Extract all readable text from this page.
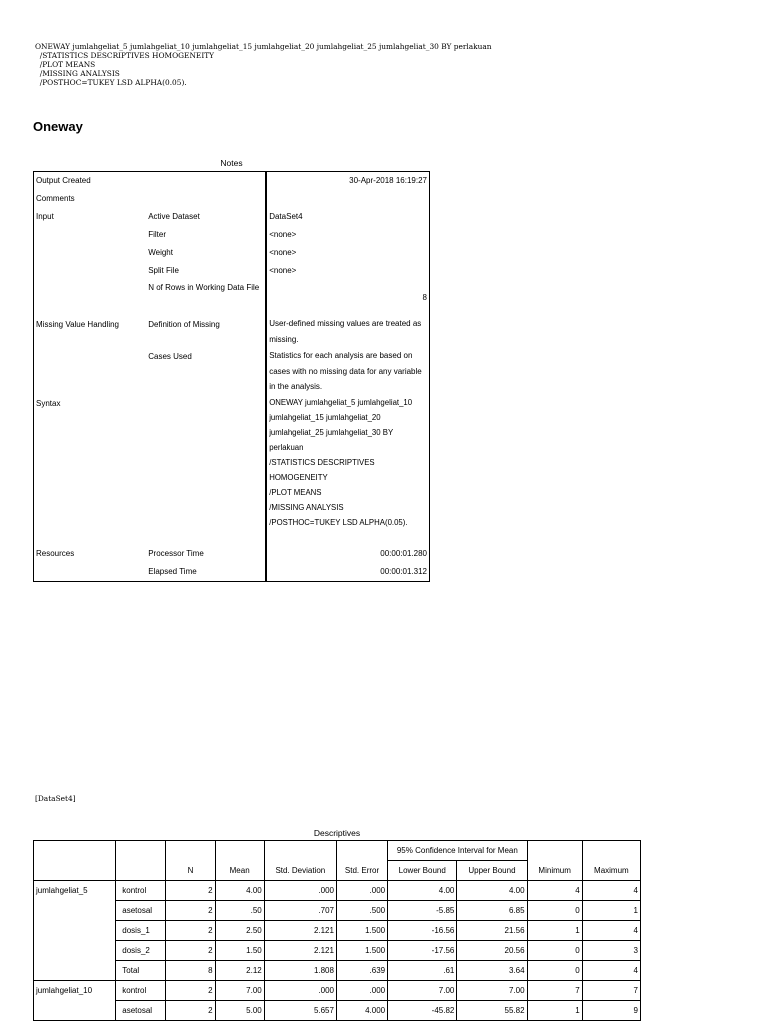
ONEWAY jumlahgeliat_5 jumlahgeliat_10 jumlahgeliat_15 jumlahgeliat_20 jumlahgeliat_25 jumlahgeliat_30 BY perlakuan
/STATISTICS DESCRIPTIVES HOMOGENEITY
/PLOT MEANS
/MISSING ANALYSIS
/POSTHOC=TUKEY LSD ALPHA(0.05).
Oneway
Notes
Output Created		30-Apr-2018 16:19:27
Comments		
Input	Active Dataset	DataSet4
	Filter	<none>
	Weight	<none>
	Split File	<none>
	N of Rows in Working Data File	8
Missing Value Handling	Definition of Missing	User-defined missing values are treated as missing.
	Cases Used	Statistics for each analysis are based on cases with no missing data for any variable in the analysis.
Syntax		ONEWAY jumlahgeliat_5 jumlahgeliat_10 jumlahgeliat_15 jumlahgeliat_20 jumlahgeliat_25 jumlahgeliat_30 BY perlakuan
/STATISTICS DESCRIPTIVES HOMOGENEITY
/PLOT MEANS
/MISSING ANALYSIS
/POSTHOC=TUKEY LSD ALPHA(0.05).
Resources	Processor Time	00:00:01.280
	Elapsed Time	00:00:01.312
[DataSet4]
Descriptives
						95% Confidence Interval for Mean			
		N	Mean	Std. Deviation	Std. Error	Lower Bound	Upper Bound	Minimum	Maximum
jumlahgeliat_5	kontrol	2	4.00	.000	.000	4.00	4.00	4	4
	asetosal	2	.50	.707	.500	-5.85	6.85	0	1
	dosis_1	2	2.50	2.121	1.500	-16.56	21.56	1	4
	dosis_2	2	1.50	2.121	1.500	-17.56	20.56	0	3
	Total	8	2.12	1.808	.639	.61	3.64	0	4
jumlahgeliat_10	kontrol	2	7.00	.000	.000	7.00	7.00	7	7
	asetosal	2	5.00	5.657	4.000	-45.82	55.82	1	9
